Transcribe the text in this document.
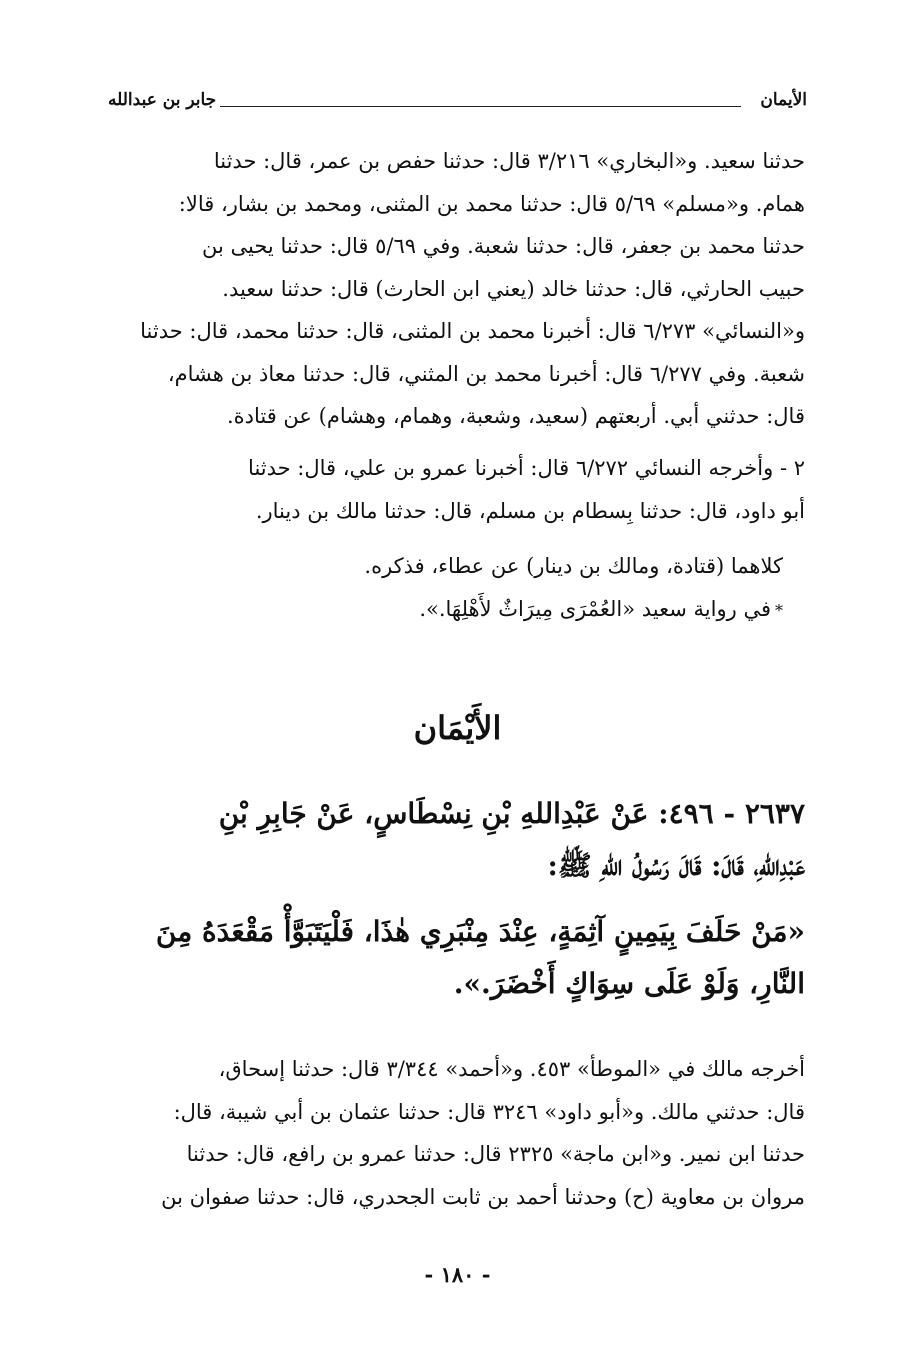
الأيمان
جابر بن عبدالله

حدثنا سعيد. و«البخاري» ٣/٢١٦ قال: حدثنا حفص بن عمر، قال: حدثنا

همام. و«مسلم» ٥/٦٩ قال: حدثنا محمد بن المثنى، ومحمد بن بشار، قالا:

حدثنا محمد بن جعفر، قال: حدثنا شعبة. وفي ٥/٦٩ قال: حدثنا يحيى بن

حبيب الحارثي، قال: حدثنا خالد (يعني ابن الحارث) قال: حدثنا سعيد.

و«النسائي» ٦/٢٧٣ قال: أخبرنا محمد بن المثنى، قال: حدثنا محمد، قال: حدثنا

شعبة. وفي ٦/٢٧٧ قال: أخبرنا محمد بن المثني، قال: حدثنا معاذ بن هشام،

قال: حدثني أبي. أربعتهم (سعيد، وشعبة، وهمام، وهشام) عن قتادة.

٢ - وأخرجه النسائي ٦/٢٧٢ قال: أخبرنا عمرو بن علي، قال: حدثنا

أبو داود، قال: حدثنا بِسطام بن مسلم، قال: حدثنا مالك بن دينار.

كلاهما (قتادة، ومالك بن دينار) عن عطاء، فذكره.

*في رواية سعيد «العُمْرَى مِيرَاثٌ لأَهْلِهَا.».

الأَيْمَان

٢٦٣٧ - ٤٩٦: عَنْ عَبْدِاللهِ بْنِ نِسْطَاسٍ، عَنْ جَابِرِ بْنِ

عَبْدِاللهِ، قَالَ: قَالَ رَسُولُ اللهِ ﷺ:

«مَنْ حَلَفَ بِيَمِينٍ آثِمَةٍ، عِنْدَ مِنْبَرِي هٰذَا، فَلْيَتَبَوَّأْ مَقْعَدَهُ مِنَ

النَّارِ، وَلَوْ عَلَى سِوَاكٍ أَخْضَرَ.».

أخرجه مالك في «الموطأ» ٤٥٣. و«أحمد» ٣/٣٤٤ قال: حدثنا إسحاق،

قال: حدثني مالك. و«أبو داود» ٣٢٤٦ قال: حدثنا عثمان بن أبي شيبة، قال:

حدثنا ابن نمير. و«ابن ماجة» ٢٣٢٥ قال: حدثنا عمرو بن رافع، قال: حدثنا

مروان بن معاوية (ح) وحدثنا أحمد بن ثابت الجحدري، قال: حدثنا صفوان بن

- ١٨٠ -
